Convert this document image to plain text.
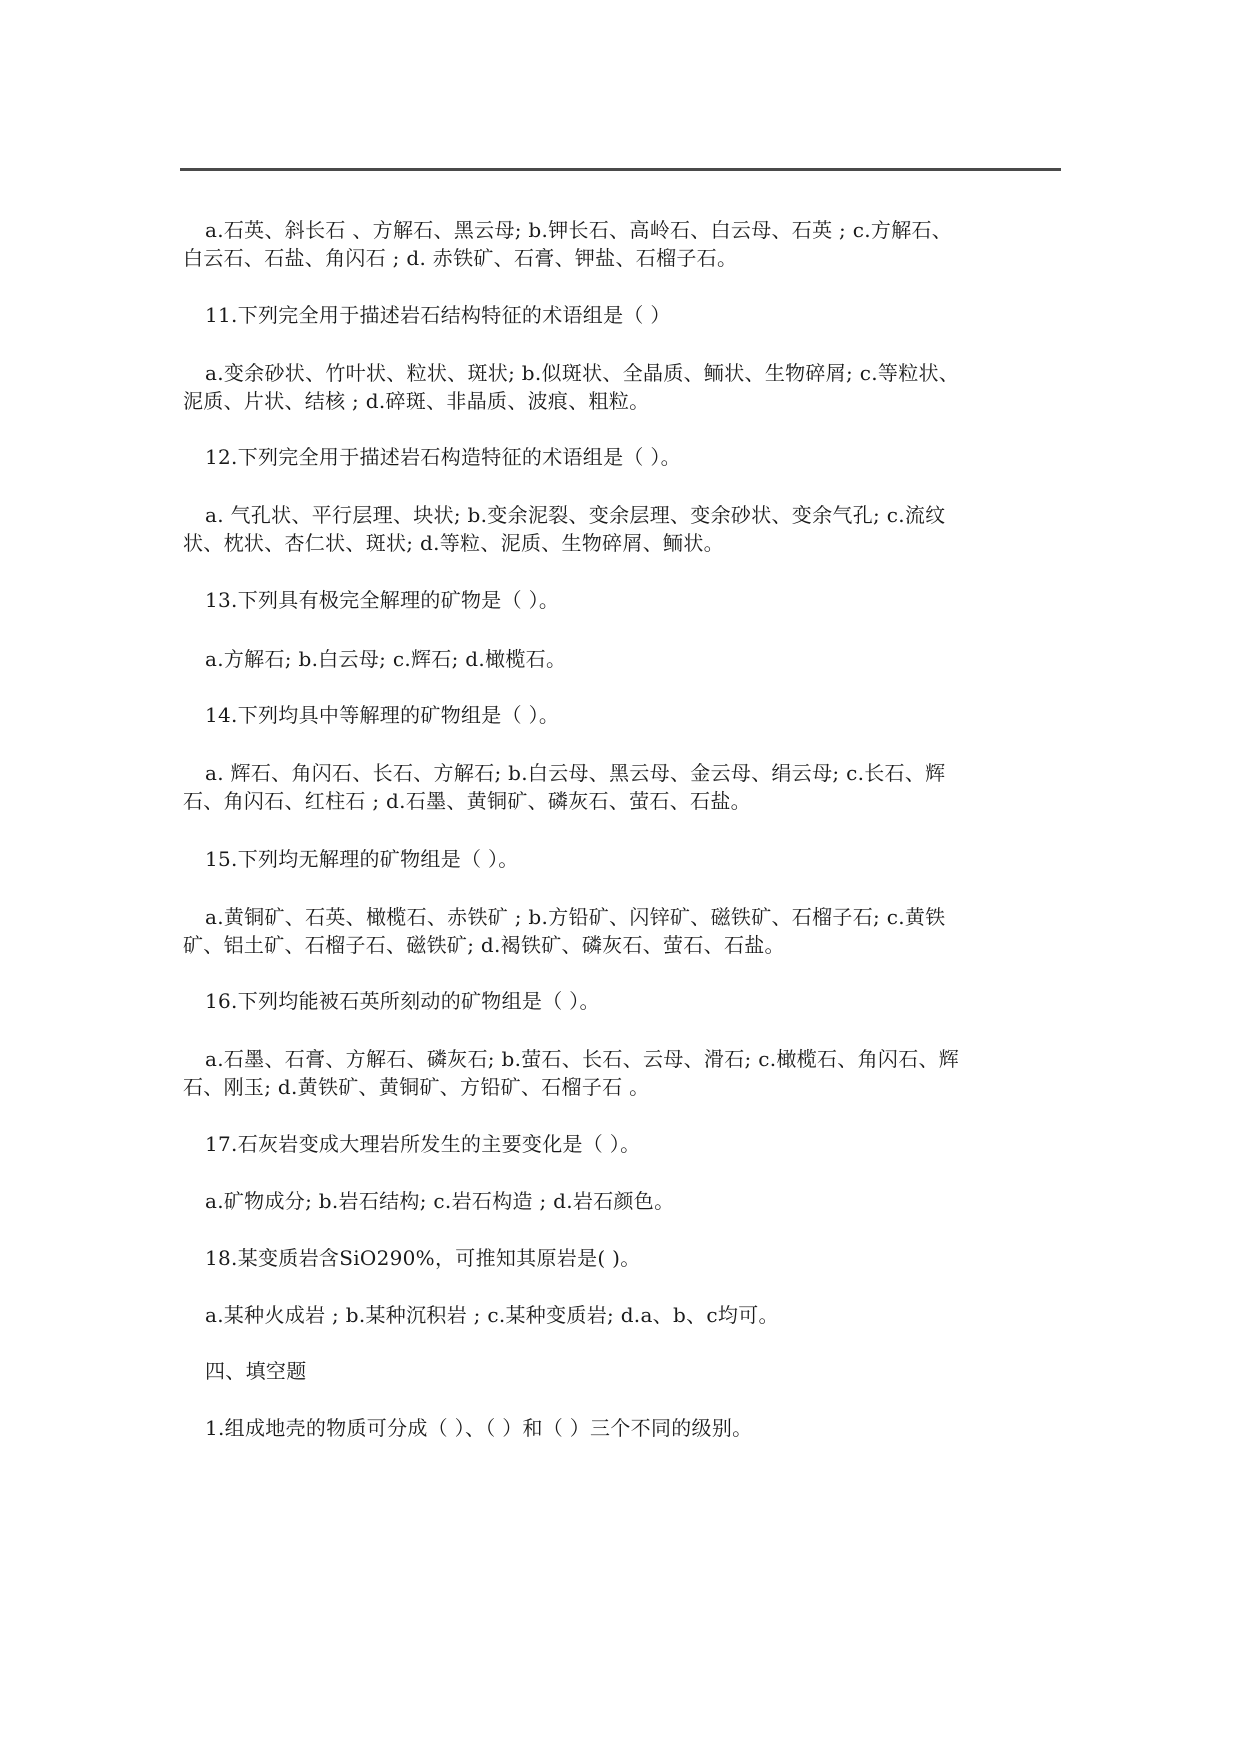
a.石英、斜长石 、方解石、黑云母; b.钾长石、高岭石、白云母、石英 ; c.方解石、
白云石、石盐、角闪石 ; d. 赤铁矿、石膏、钾盐、石榴子石。
11.下列完全用于描述岩石结构特征的术语组是（ ）
a.变余砂状、竹叶状、粒状、斑状; b.似斑状、全晶质、鲕状、生物碎屑; c.等粒状、
泥质、片状、结核 ; d.碎斑、非晶质、波痕、粗粒。
12.下列完全用于描述岩石构造特征的术语组是（ ）。
a. 气孔状、平行层理、块状; b.变余泥裂、变余层理、变余砂状、变余气孔; c.流纹
状、枕状、杏仁状、斑状; d.等粒、泥质、生物碎屑、鲕状。
13.下列具有极完全解理的矿物是（ ）。
a.方解石; b.白云母; c.辉石; d.橄榄石。
14.下列均具中等解理的矿物组是（ ）。
a. 辉石、角闪石、长石、方解石; b.白云母、黑云母、金云母、绢云母; c.长石、辉
石、角闪石、红柱石 ; d.石墨、黄铜矿、磷灰石、萤石、石盐。
15.下列均无解理的矿物组是（ ）。
a.黄铜矿、石英、橄榄石、赤铁矿 ; b.方铅矿、闪锌矿、磁铁矿、石榴子石; c.黄铁
矿、铝土矿、石榴子石、磁铁矿; d.褐铁矿、磷灰石、萤石、石盐。
16.下列均能被石英所刻动的矿物组是（ ）。
a.石墨、石膏、方解石、磷灰石; b.萤石、长石、云母、滑石; c.橄榄石、角闪石、辉
石、刚玉; d.黄铁矿、黄铜矿、方铅矿、石榴子石 。
17.石灰岩变成大理岩所发生的主要变化是（ ）。
a.矿物成分; b.岩石结构; c.岩石构造 ; d.岩石颜色。
18.某变质岩含SiO290%，可推知其原岩是( )。
a.某种火成岩 ; b.某种沉积岩 ; c.某种变质岩; d.a、b、c均可。
四、填空题
1.组成地壳的物质可分成（ ）、（ ）和（ ）三个不同的级别。
